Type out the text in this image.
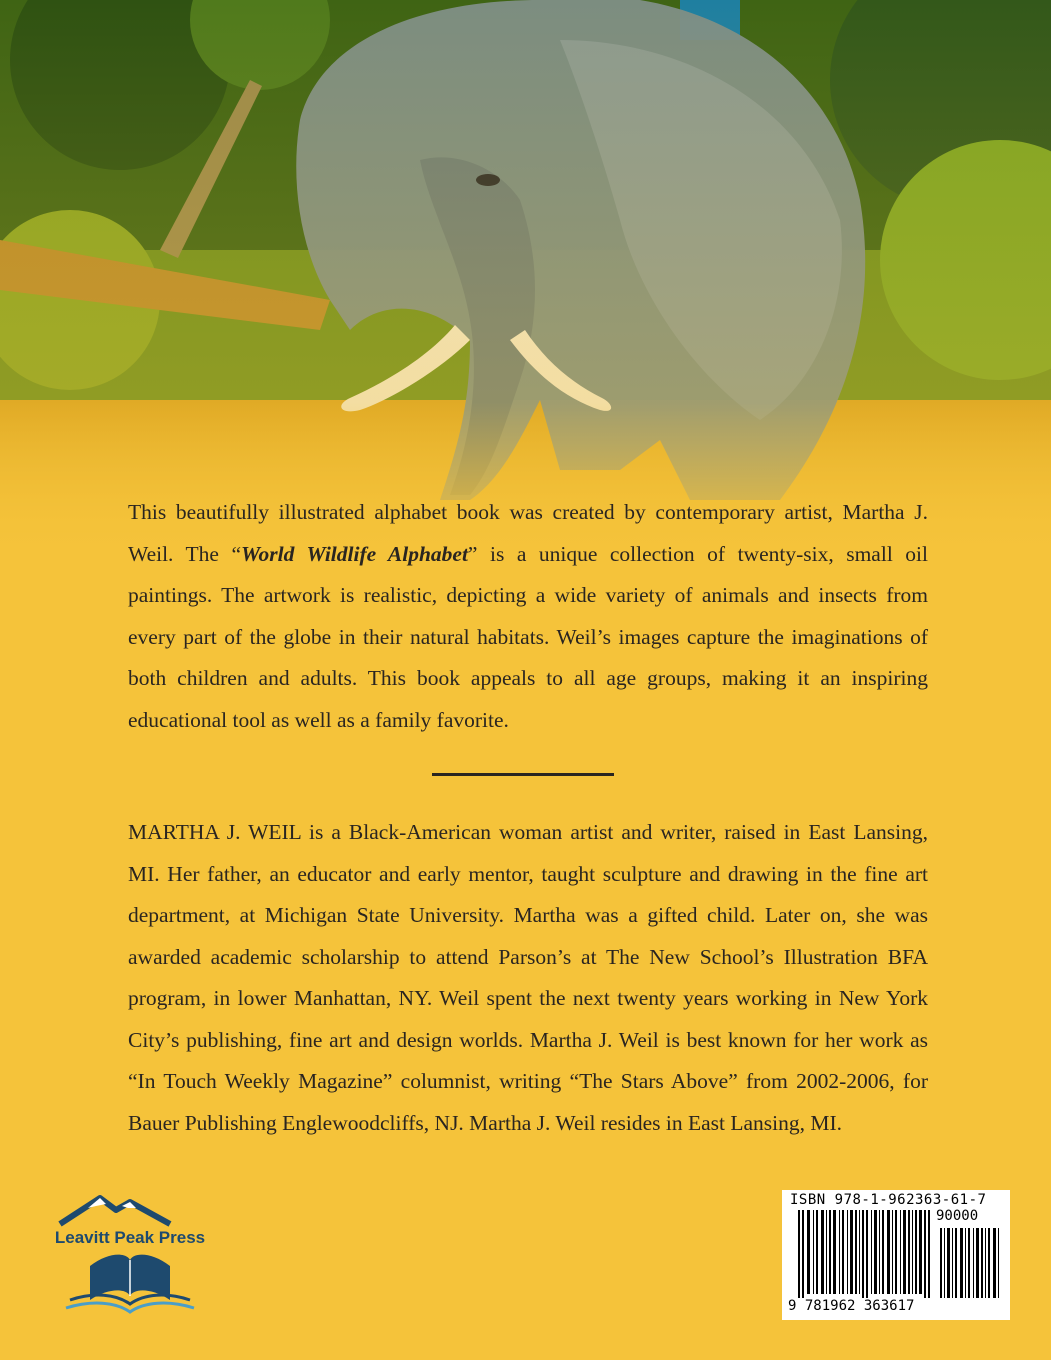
This beautifully illustrated alphabet book was created by contemporary artist, Martha J. Weil. The “World Wildlife Alphabet” is a unique collection of twenty-six, small oil paintings. The artwork is realistic, depicting a wide variety of animals and insects from every part of the globe in their natural habitats. Weil’s images capture the imaginations of both children and adults. This book appeals to all age groups, making it an inspiring educational tool as well as a family favorite.

MARTHA J. WEIL is a Black-American woman artist and writer, raised in East Lansing, MI. Her father, an educator and early mentor, taught sculpture and drawing in the fine art department, at Michigan State University. Martha was a gifted child. Later on, she was awarded academic scholarship to attend Parson’s at The New School’s Illustration BFA program, in lower Manhattan, NY. Weil spent the next twenty years working in New York City’s publishing, fine art and design worlds. Martha J. Weil is best known for her work as “In Touch Weekly Magazine” columnist, writing “The Stars Above” from 2002-2006, for Bauer Publishing Englewoodcliffs, NJ. Martha J. Weil resides in East Lansing, MI.

Leavitt Peak Press
ISBN 978-1-962363-61-7
90000
9 781962 363617
